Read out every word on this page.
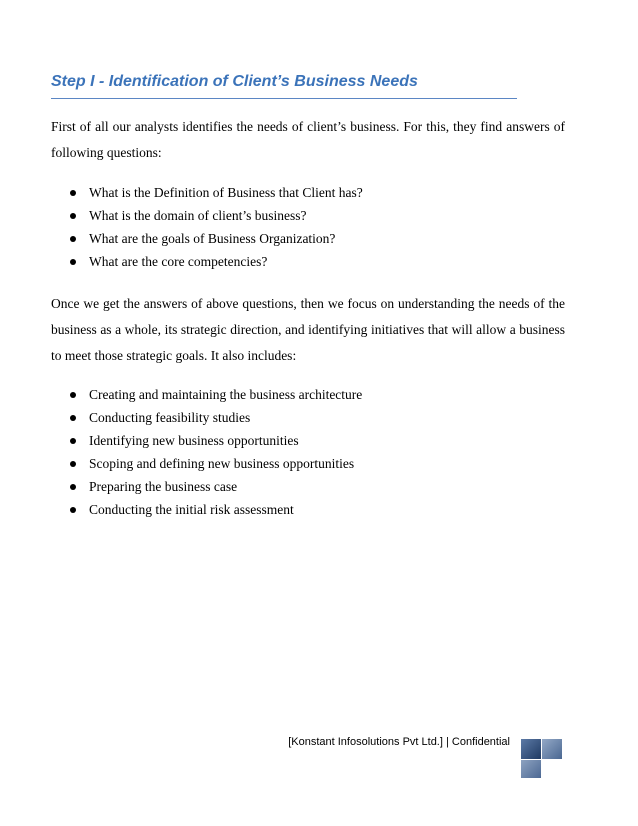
Step I - Identification of Client’s Business Needs

First of all our analysts identifies the needs of client’s business. For this, they find answers of following questions:

What is the Definition of Business that Client has?
What is the domain of client’s business?
What are the goals of Business Organization?
What are the core competencies?

Once we get the answers of above questions, then we focus on understanding the needs of the business as a whole, its strategic direction, and identifying initiatives that will allow a business to meet those strategic goals. It also includes:

Creating and maintaining the business architecture
Conducting feasibility studies
Identifying new business opportunities
Scoping and defining new business opportunities
Preparing the business case
Conducting the initial risk assessment
[Konstant Infosolutions Pvt Ltd.] | Confidential
